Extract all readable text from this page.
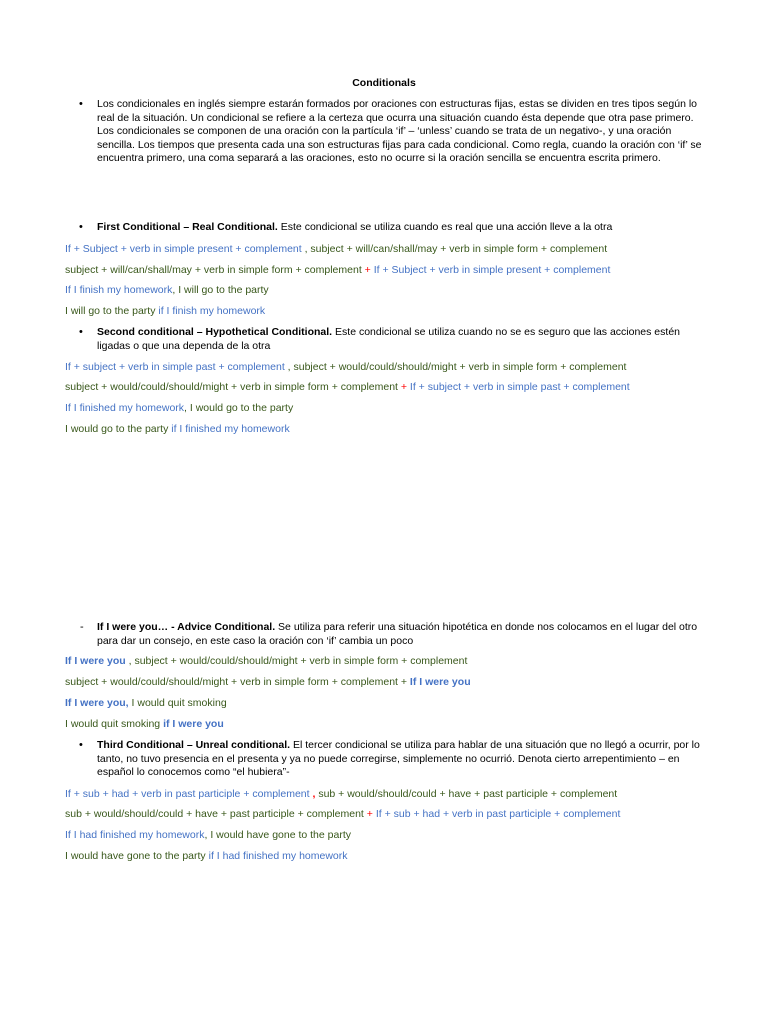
Conditionals
• Los condicionales en inglés siempre estarán formados por oraciones con estructuras fijas, estas se dividen en tres tipos según lo real de la situación. Un condicional se refiere a la certeza que ocurra una situación cuando ésta depende que otra pase primero.
Los condicionales se componen de una oración con la partícula ‘if’ – ‘unless’ cuando se trata de un negativo-, y una oración sencilla. Los tiempos que presenta cada una son estructuras fijas para cada condicional. Como regla, cuando la oración con ‘if’ se encuentra primero, una coma separará a las oraciones, esto no ocurre si la oración sencilla se encuentra escrita primero.
• First Conditional – Real Conditional. Este condicional se utiliza cuando es real que una acción lleve a la otra
If + Subject + verb in simple present + complement , subject + will/can/shall/may + verb in simple form + complement
subject + will/can/shall/may + verb in simple form + complement + If + Subject + verb in simple present + complement
If I finish my homework, I will go to the party
I will go to the party if I finish my homework
• Second conditional – Hypothetical Conditional. Este condicional se utiliza cuando no se es seguro que las acciones estén ligadas o que una dependa de la otra
If + subject + verb in simple past + complement , subject + would/could/should/might + verb in simple form + complement
subject + would/could/should/might + verb in simple form + complement + If + subject + verb in simple past + complement
If I finished my homework, I would go to the party
I would go to the party if I finished my homework
- If I were you… - Advice Conditional. Se utiliza para referir una situación hipotética en donde nos colocamos en el lugar del otro para dar un consejo, en este caso la oración con ‘if’ cambia un poco
If I were you , subject + would/could/should/might + verb in simple form + complement
subject + would/could/should/might + verb in simple form + complement + If I were you
If I were you, I would quit smoking
I would quit smoking if I were you
• Third Conditional – Unreal conditional. El tercer condicional se utiliza para hablar de una situación que no llegó a ocurrir, por lo tanto, no tuvo presencia en el presenta y ya no puede corregirse, simplemente no ocurrió. Denota cierto arrepentimiento – en español lo conocemos como “el hubiera”-
If + sub + had + verb in past participle + complement , sub + would/should/could + have + past participle + complement
sub + would/should/could + have + past participle + complement + If + sub + had + verb in past participle + complement
If I had finished my homework, I would have gone to the party
I would have gone to the party if I had finished my homework
